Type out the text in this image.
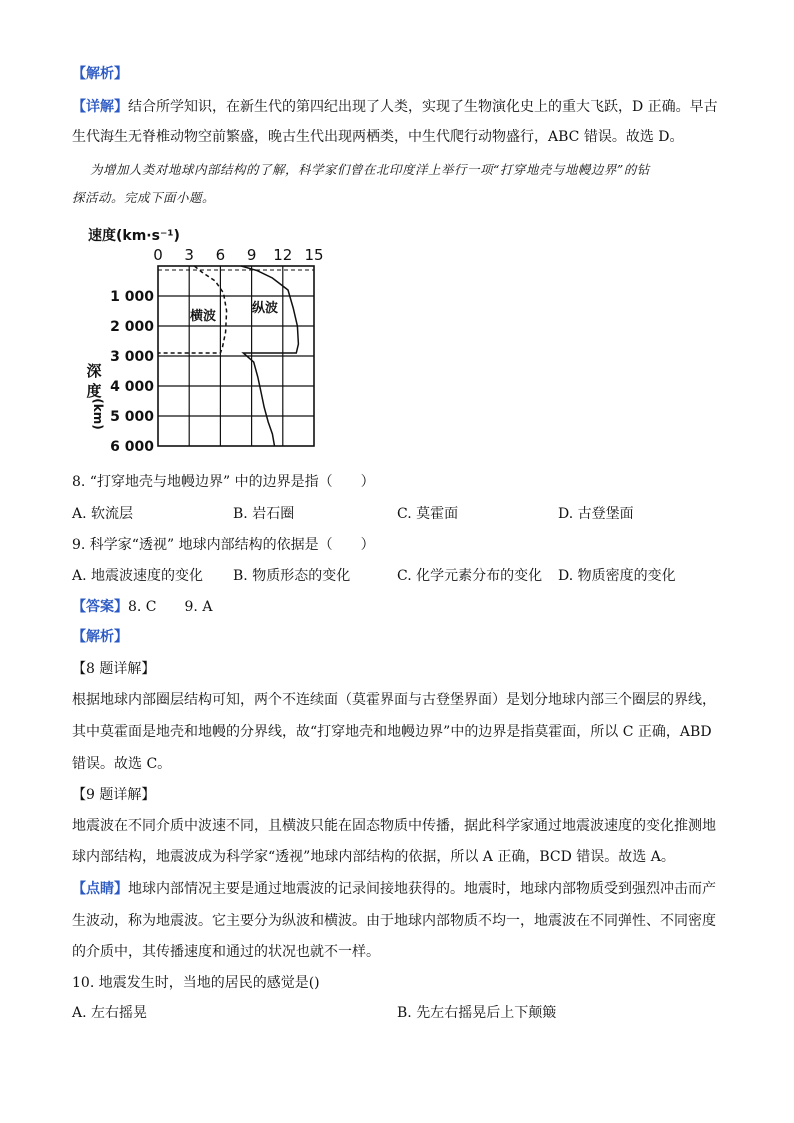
【解析】
【详解】结合所学知识，在新生代的第四纪出现了人类，实现了生物演化史上的重大飞跃，D 正确。早古
生代海生无脊椎动物空前繁盛，晚古生代出现两栖类，中生代爬行动物盛行，ABC 错误。故选 D。
为增加人类对地球内部结构的了解，科学家们曾在北印度洋上举行一项“打穿地壳与地幔边界”的钻
探活动。完成下面小题。
速度(km·s⁻¹)
0 3 6 9 12 15
1 000
2 000
3 000
4 000
5 000
6 000
深
度
(km)
横波
纵波
8. “打穿地壳与地幔边界” 中的边界是指（　　）
A. 软流层	B. 岩石圈	C. 莫霍面	D. 古登堡面
9. 科学家“透视” 地球内部结构的依据是（　　）
A. 地震波速度的变化 B. 物质形态的变化	C. 化学元素分布的变化 D. 物质密度的变化
【答案】8. C　　9. A
【解析】
【8 题详解】
根据地球内部圈层结构可知，两个不连续面（莫霍界面与古登堡界面）是划分地球内部三个圈层的界线，
其中莫霍面是地壳和地幔的分界线，故“打穿地壳和地幔边界”中的边界是指莫霍面，所以 C 正确，ABD
错误。故选 C。
【9 题详解】
地震波在不同介质中波速不同，且横波只能在固态物质中传播，据此科学家通过地震波速度的变化推测地
球内部结构，地震波成为科学家“透视”地球内部结构的依据，所以 A 正确，BCD 错误。故选 A。
【点睛】地球内部情况主要是通过地震波的记录间接地获得的。地震时，地球内部物质受到强烈冲击而产
生波动，称为地震波。它主要分为纵波和横波。由于地球内部物质不均一，地震波在不同弹性、不同密度
的介质中，其传播速度和通过的状况也就不一样。
10. 地震发生时，当地的居民的感觉是()
A. 左右摇晃	B. 先左右摇晃后上下颠簸
